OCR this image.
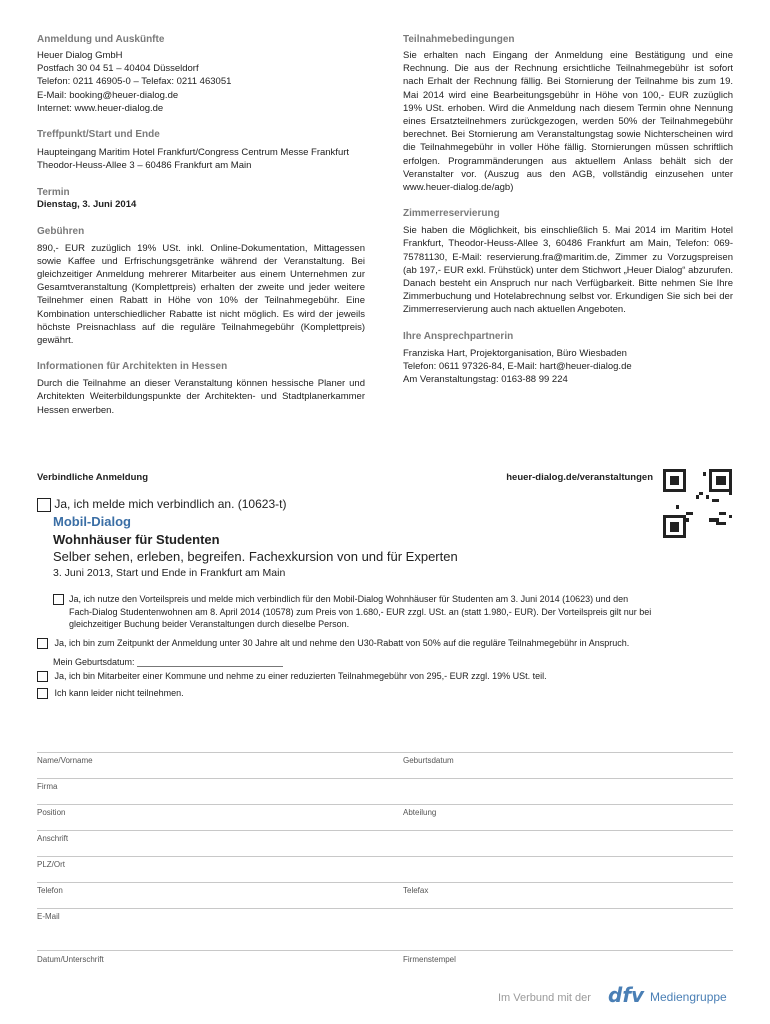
Anmeldung und Auskünfte
Heuer Dialog GmbH
Postfach 30 04 51 – 40404 Düsseldorf
Telefon: 0211 46905-0 – Telefax: 0211 463051
E-Mail: booking@heuer-dialog.de
Internet: www.heuer-dialog.de
Treffpunkt/Start und Ende
Haupteingang Maritim Hotel Frankfurt/Congress Centrum Messe Frankfurt
Theodor-Heuss-Allee 3 – 60486 Frankfurt am Main
Termin
Dienstag, 3. Juni 2014
Gebühren
890,- EUR zuzüglich 19% USt. inkl. Online-Dokumentation, Mittagessen sowie Kaffee und Erfrischungsgetränke während der Veranstaltung. Bei gleichzeitiger Anmeldung mehrerer Mitarbeiter aus einem Unternehmen zur Gesamtveranstaltung (Komplettpreis) erhalten der zweite und jeder weitere Teilnehmer einen Rabatt in Höhe von 10% der Teilnahmegebühr. Eine Kombination unterschiedlicher Rabatte ist nicht möglich. Es wird der jeweils höchste Preisnachlass auf die reguläre Teilnahmegebühr (Komplettpreis) gewährt.
Informationen für Architekten in Hessen
Durch die Teilnahme an dieser Veranstaltung können hessische Planer und Architekten Weiterbildungspunkte der Architekten- und Stadtplanerkammer Hessen erwerben.
Teilnahmebedingungen
Sie erhalten nach Eingang der Anmeldung eine Bestätigung und eine Rechnung. Die aus der Rechnung ersichtliche Teilnahmegebühr ist sofort nach Erhalt der Rechnung fällig. Bei Stornierung der Teilnahme bis zum 19. Mai 2014 wird eine Bearbeitungsgebühr in Höhe von 100,- EUR zuzüglich 19% USt. erhoben. Wird die Anmeldung nach diesem Termin ohne Nennung eines Ersatzteilnehmers zurückgezogen, werden 50% der Teilnahmegebühr berechnet. Bei Stornierung am Veranstaltungstag sowie Nichterscheinen wird die Teilnahmegebühr in voller Höhe fällig. Stornierungen müssen schriftlich erfolgen. Programmänderungen aus aktuellem Anlass behält sich der Veranstalter vor. (Auszug aus den AGB, vollständig einzusehen unter www.heuer-dialog.de/agb)
Zimmerreservierung
Sie haben die Möglichkeit, bis einschließlich 5. Mai 2014 im Maritim Hotel Frankfurt, Theodor-Heuss-Allee 3, 60486 Frankfurt am Main, Telefon: 069-75781130, E-Mail: reservierung.fra@maritim.de, Zimmer zu Vorzugspreisen (ab 197,- EUR exkl. Frühstück) unter dem Stichwort „Heuer Dialog“ abzurufen. Danach besteht ein Anspruch nur nach Verfügbarkeit. Bitte nehmen Sie Ihre Zimmerbuchung und Hotelabrechnung selbst vor. Erkundigen Sie sich bei der Zimmerreservierung auch nach aktuellen Angeboten.
Ihre Ansprechpartnerin
Franziska Hart, Projektorganisation, Büro Wiesbaden
Telefon: 0611 97326-84, E-Mail: hart@heuer-dialog.de
Am Veranstaltungstag: 0163-88 99 224
Verbindliche Anmeldung	heuer-dialog.de/veranstaltungen
Ja, ich melde mich verbindlich an. (10623-t)
Mobil-Dialog
Wohnhäuser für Studenten
Selber sehen, erleben, begreifen. Fachexkursion von und für Experten
3. Juni 2013, Start und Ende in Frankfurt am Main
Ja, ich nutze den Vorteilspreis und melde mich verbindlich für den Mobil-Dialog Wohnhäuser für Studenten am 3. Juni 2014 (10623) und den
Fach-Dialog Studentenwohnen am 8. April 2014 (10578) zum Preis von 1.680,- EUR zzgl. USt. an (statt 1.980,- EUR). Der Vorteilspreis gilt nur bei
gleichzeitiger Buchung beider Veranstaltungen durch dieselbe Person.
Ja, ich bin zum Zeitpunkt der Anmeldung unter 30 Jahre alt und nehme den U30-Rabatt von 50% auf die reguläre Teilnahmegebühr in Anspruch.
Mein Geburtsdatum:
Ja, ich bin Mitarbeiter einer Kommune und nehme zu einer reduzierten Teilnahmegebühr von 295,- EUR zzgl. 19% USt. teil.
Ich kann leider nicht teilnehmen.
Name/Vorname	Geburtsdatum
Firma
Position	Abteilung
Anschrift
PLZ/Ort
Telefon	Telefax
E-Mail
Datum/Unterschrift	Firmenstempel
Im Verbund mit der dfv Mediengruppe
